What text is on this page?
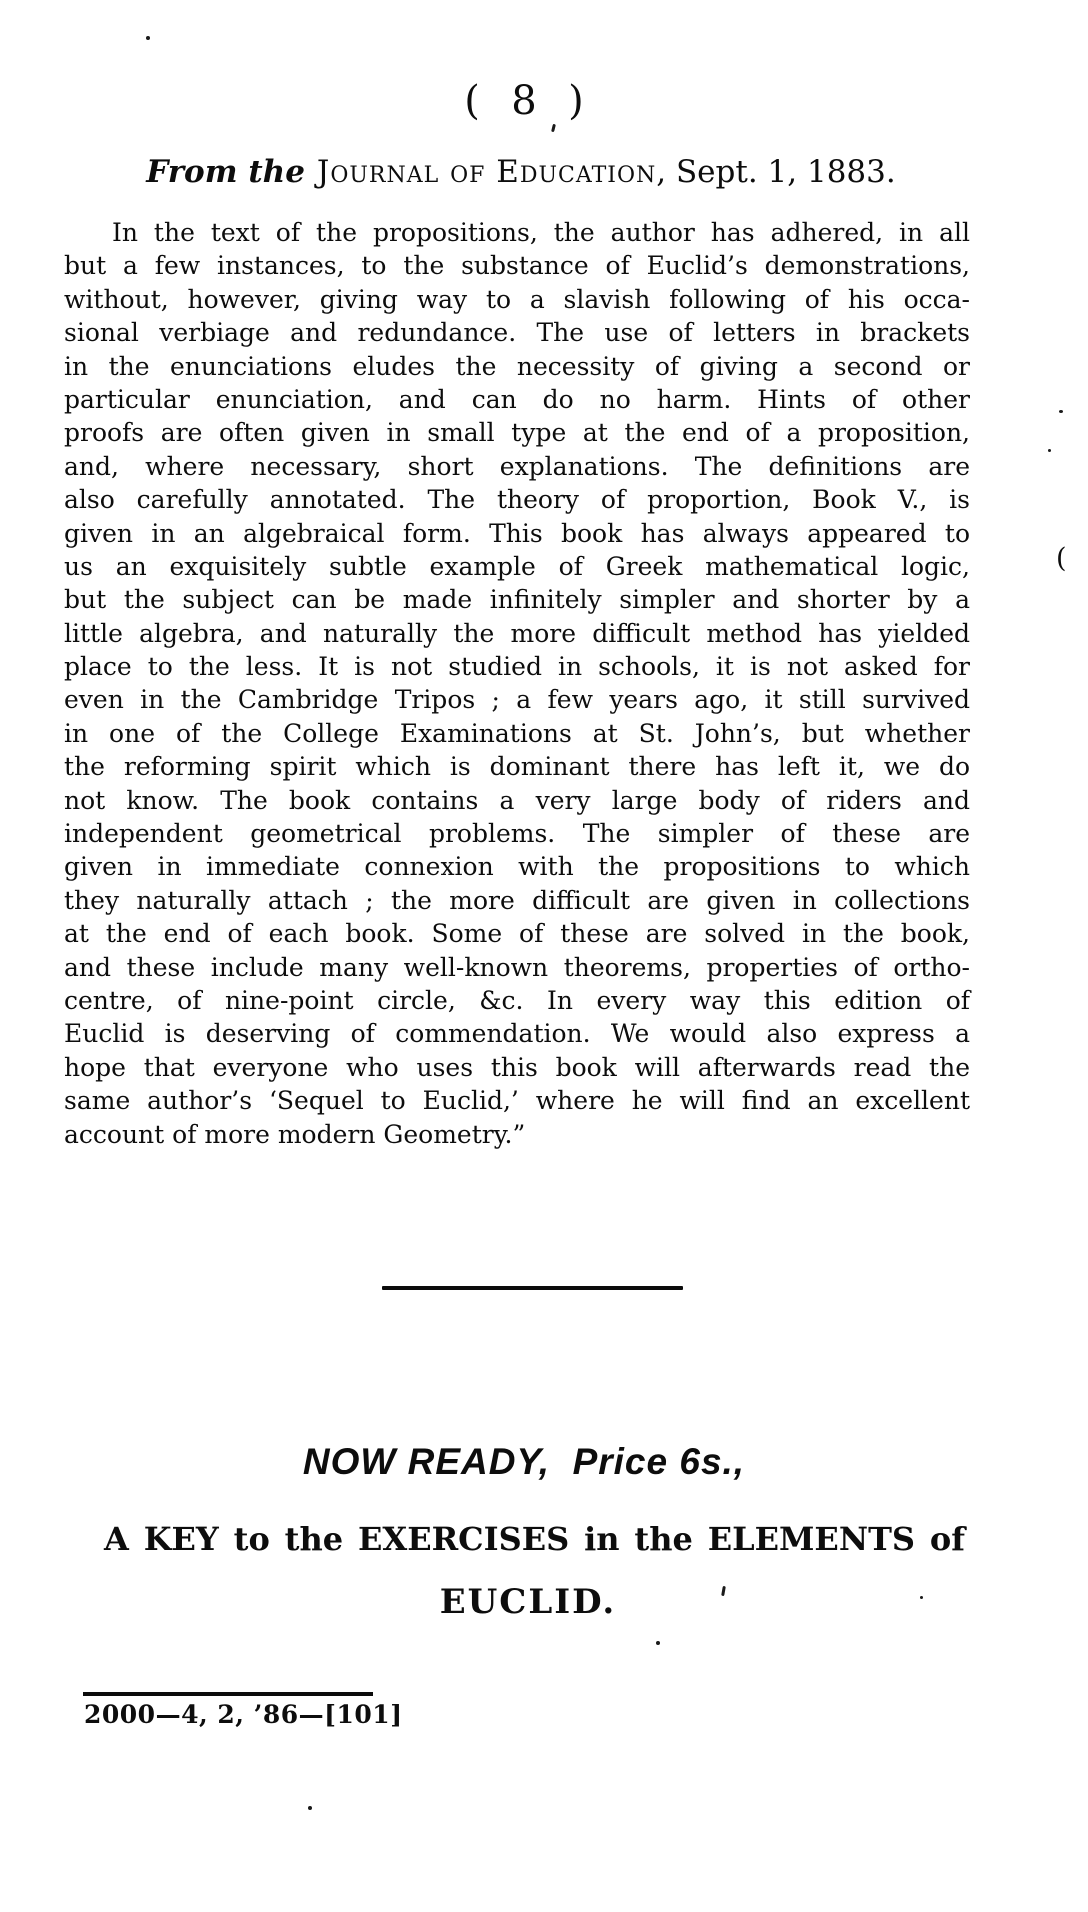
(  8  )
From the Journal of Education, Sept. 1, 1883.
In the text of the propositions, the author has adhered, in all
but a few instances, to the substance of Euclid’s demonstrations,
without, however, giving way to a slavish following of his occa-
sional verbiage and redundance. The use of letters in brackets
in the enunciations eludes the necessity of giving a second or
particular enunciation, and can do no harm. Hints of other
proofs are often given in small type at the end of a proposition,
and, where necessary, short explanations. The definitions are
also carefully annotated. The theory of proportion, Book V., is
given in an algebraical form. This book has always appeared to
us an exquisitely subtle example of Greek mathematical logic,
but the subject can be made infinitely simpler and shorter by a
little algebra, and naturally the more difficult method has yielded
place to the less. It is not studied in schools, it is not asked for
even in the Cambridge Tripos ; a few years ago, it still survived
in one of the College Examinations at St. John’s, but whether
the reforming spirit which is dominant there has left it, we do
not know. The book contains a very large body of riders and
independent geometrical problems. The simpler of these are
given in immediate connexion with the propositions to which
they naturally attach ; the more difficult are given in collections
at the end of each book. Some of these are solved in the book,
and these include many well-known theorems, properties of ortho-
centre, of nine-point circle, &c. In every way this edition of
Euclid is deserving of commendation. We would also express a
hope that everyone who uses this book will afterwards read the
same author’s ‘Sequel to Euclid,’ where he will find an excellent
account of more modern Geometry.”
(
NOW READY,  Price 6s.,
A KEY to the EXERCISES in the ELEMENTS of
EUCLID.
2000—4, 2, ’86—[101]
